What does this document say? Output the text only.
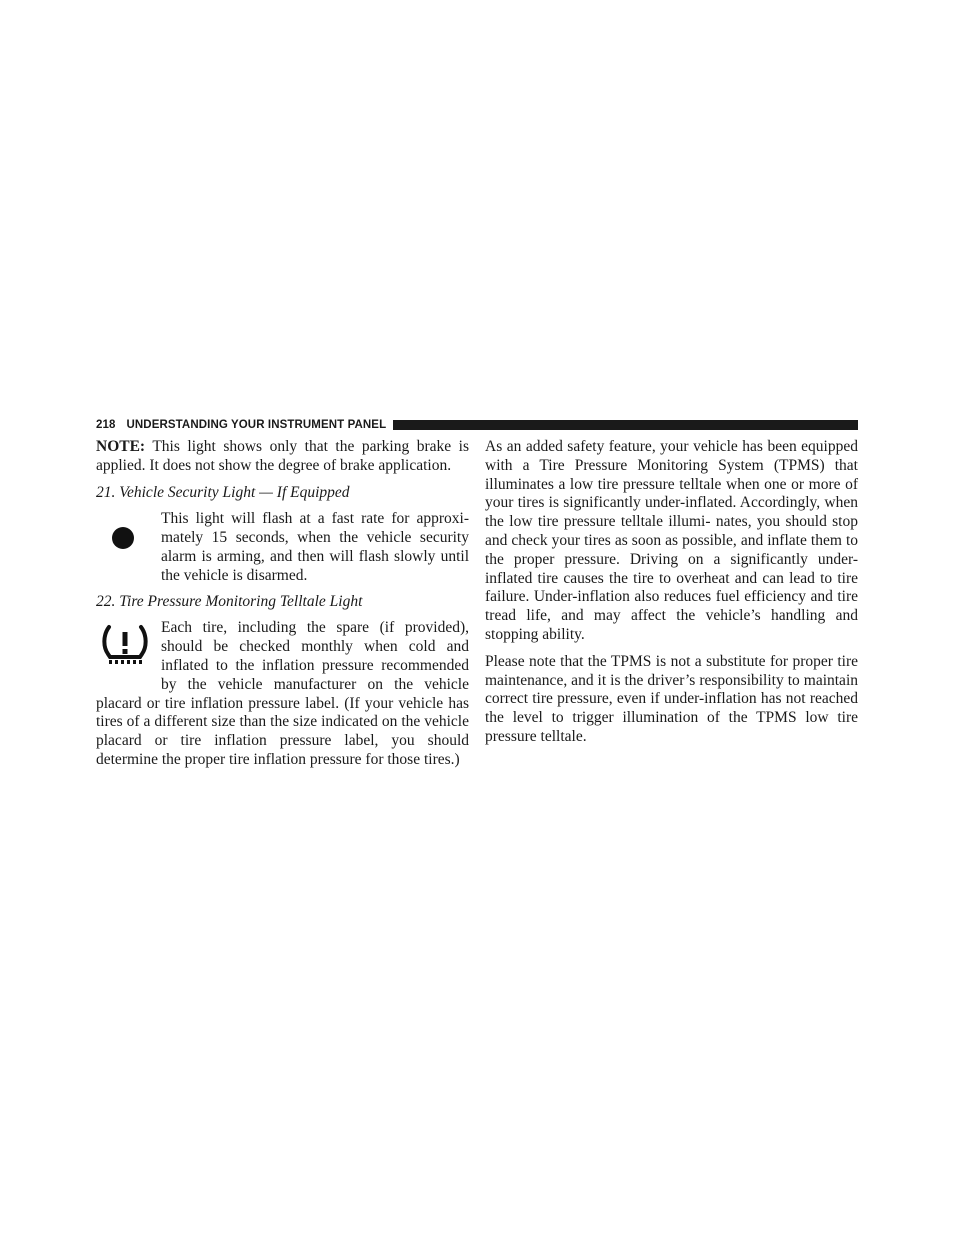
218 UNDERSTANDING YOUR INSTRUMENT PANEL

NOTE: This light shows only that the parking brake is applied. It does not show the degree of brake application.

21. Vehicle Security Light — If Equipped

This light will flash at a fast rate for approxi- mately 15 seconds, when the vehicle security alarm is arming, and then will flash slowly until the vehicle is disarmed.

22. Tire Pressure Monitoring Telltale Light

Each tire, including the spare (if provided), should be checked monthly when cold and inflated to the inflation pressure recommended by the vehicle manufacturer on the vehicle placard or tire inflation pressure label. (If your vehicle has tires of a different size than the size indicated on the vehicle placard or tire inflation pressure label, you should determine the proper tire inflation pressure for those tires.)

As an added safety feature, your vehicle has been equipped with a Tire Pressure Monitoring System (TPMS) that illuminates a low tire pressure telltale when one or more of your tires is significantly under-inflated. Accordingly, when the low tire pressure telltale illumi- nates, you should stop and check your tires as soon as possible, and inflate them to the proper pressure. Driving on a significantly under-inflated tire causes the tire to overheat and can lead to tire failure. Under-inflation also reduces fuel efficiency and tire tread life, and may affect the vehicle’s handling and stopping ability.

Please note that the TPMS is not a substitute for proper tire maintenance, and it is the driver’s responsibility to maintain correct tire pressure, even if under-inflation has not reached the level to trigger illumination of the TPMS low tire pressure telltale.
